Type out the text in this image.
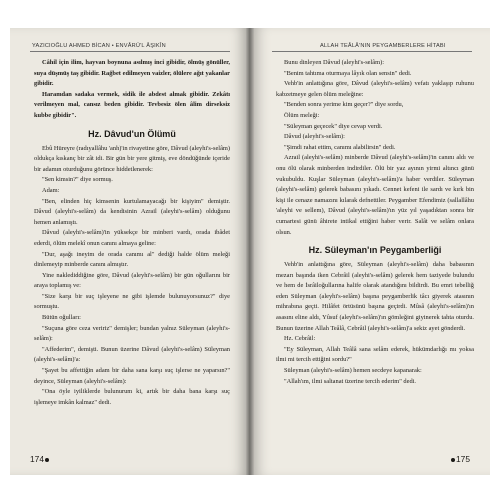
YAZICIOĞLU AHMED BİCAN • ENVÂRÜ'L ÂŞIKÎN

Câhil için ilim, hayvan boynuna asılmış inci gibidir, ölmüş gönüller, suya düşmüş taş gibidir. Rağbet edilmeyen vaizler, ölülere ağıt yakanlar gibidir.

Haramdan sadaka vermek, sidik ile abdest almak gibidir. Zekâtı verilmeyen mal, cansız beden gibidir. Tevbesiz ölen âlim dirseksiz kubbe gibidir".

Hz. Dâvud'un Ölümü

Ebû Hüreyre (radıyallâhu 'anh)'in rivayetine göre, Dâvud (aleyhi's-selâm) oldukça kıskanç bir zât idi. Bir gün bir yere gitmiş, eve döndüğünde içeride bir adamın oturduğunu görünce hiddetlenerek:

"Sen kimsin?" diye sormuş.

Adam:

"Ben, elinden hiç kimsenin kurtulamayacağı bir kişiyim" demiştir. Dâvud (aleyhi's-selâm) da kendisinin Azrail (aleyhi's-selâm) olduğunu hemen anlamıştı.

Dâvud (aleyhi's-selâm)'in yüksekçe bir minberi vardı, orada ibâdet ederdi, ölüm melekî onun canını almaya geline:

"Dur, aşağı ineyim de orada canımı al" dediği halde ölüm meleği dinlemeyip minberde canını almıştır.

Yine naklediddiğine göre, Dâvud (aleyhi's-selâm) bir gün oğullarını bir araya toplamış ve:

"Size karşı bir suç işleyene ne gibi işlemde bulunuyorsunuz?" diye sormuştu.

Bütün oğulları:

"Suçuna göre ceza veririz" demişler; bundan yalnız Süleyman (aleyhi's-selâm):

"Affederim", demişti. Bunun üzerine Dâvud (aleyhi's-selâm) Süleyman (aleyhi's-selâm)'a:

"Şayet bu affettiğin adam bir daha sana karşı suç işlerse ne yaparsın?" deyince, Süleyman (aleyhi's-selâm):

"Ona öyle iyiliklerde bulunurum ki, artık bir daha bana karşı suç işlemeye imkân kalmaz" dedi.

174
ALLAH TEÂLÂ'NIN PEYGAMBERLERE HİTABI

Bunu dinleyen Dâvud (aleyhi's-selâm):

"Benim tahtıma oturmaya lâyık olan sensin" dedi.

Vehb'in anlattığına göre, Dâvud (aleyhi's-selâm) vefatı yaklaşıp ruhunu kabzetmeye gelen ölüm meleğine:

"Benden sonra yerime kim geçer?" diye sordu,

Ölüm meleği:

"Süleyman geçecek" diye cevap verdi.

Dâvud (aleyhi's-selâm):

"Şimdi rahat ettim, canımı alabilirsin" dedi.

Azrail (aleyhi's-selâm) minberde Dâvud (aleyhi's-selâm)'in canını aldı ve onu ölü olarak minberden indirdiler. Ölü bir yaz ayının yirmi altıncı günü vukubuldu. Kuşlar Süleyman (aleyhi's-selâm)'a haber verdiler. Süleyman (aleyhi's-selâm) gelerek babasını yıkadı. Cennet kefeni ile sardı ve kırk bin kişi ile cenaze namazını kılarak defnettiler. Peygamber Efendimiz (sallallâhu 'aleyhi ve sellem), Dâvud (aleyhi's-selâm)'ın yüz yıl yaşadıktan sonra bir cumartesi günü âhirete intikal ettiğini haber verir. Salât ve selâm onlara olsun.

Hz. Süleyman'ın Peygamberliği

Vehb'in anlattığına göre, Süleyman (aleyhi's-selâm) daha babasının mezarı başında iken Cebrâil (aleyhi's-selâm) gelerek hem taziyede bulundu ve hem de İsrâiloğullarına halife olarak atandığını bildirdi. Bu emri tebelliğ eden Süleyman (aleyhi's-selâm) başına peygamberlik tâcı giyerek atasının mihrabına geçti. Hilâfet örtüsünü başına geçirdi. Mûsâ (aleyhi's-selâm)'ın asasını eline aldı, Yûsuf (aleyhi's-selâm)'ın gömleğini giyinerek tahta oturdu. Bunun üzerine Allah Teâlâ, Cebrâil (aleyhi's-selâm)'a sekiz ayet gönderdi.

Hz. Cebrâil:

"Ey Süleyman, Allah Teâlâ sana selâm ederek, hükümdarlığı mı yoksa ilmi mi tercih ettiğini sordu?"

Süleyman (aleyhi's-selâm) hemen secdeye kapanarak:

"Allah'ım, ilmi saltanat üzerine tercih ederim" dedi.

175
